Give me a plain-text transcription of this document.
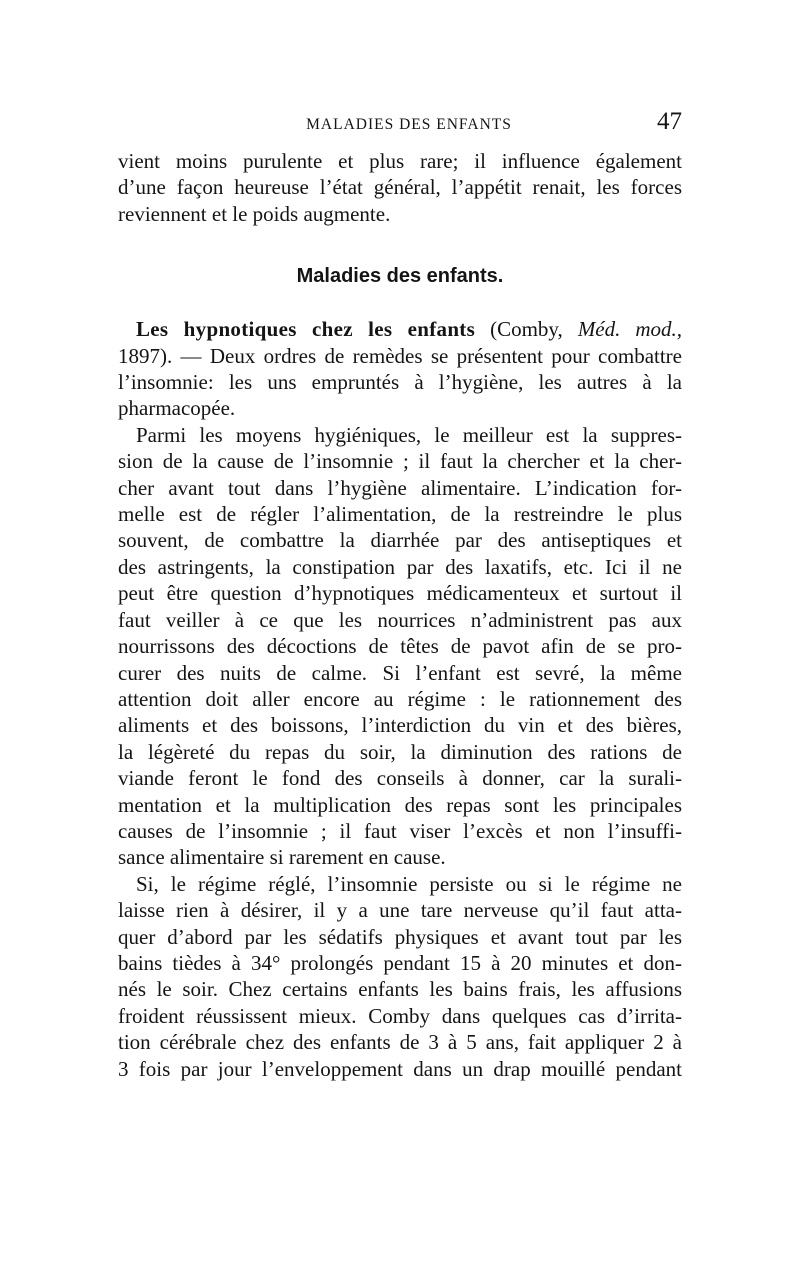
MALADIES DES ENFANTS	47
vient moins purulente et plus rare; il influence également
d’une façon heureuse l’état général, l’appétit renait, les forces
reviennent et le poids augmente.
Maladies des enfants.
Les hypnotiques chez les enfants (Comby, Méd. mod.,
1897). — Deux ordres de remèdes se présentent pour combattre
l’insomnie: les uns empruntés à l’hygiène, les autres à la
pharmacopée.
Parmi les moyens hygiéniques, le meilleur est la suppres-
sion de la cause de l’insomnie ; il faut la chercher et la cher-
cher avant tout dans l’hygiène alimentaire. L’indication for-
melle est de régler l’alimentation, de la restreindre le plus
souvent, de combattre la diarrhée par des antiseptiques et
des astringents, la constipation par des laxatifs, etc. Ici il ne
peut être question d’hypnotiques médicamenteux et surtout il
faut veiller à ce que les nourrices n’administrent pas aux
nourrissons des décoctions de têtes de pavot afin de se pro-
curer des nuits de calme. Si l’enfant est sevré, la même
attention doit aller encore au régime : le rationnement des
aliments et des boissons, l’interdiction du vin et des bières,
la légèreté du repas du soir, la diminution des rations de
viande feront le fond des conseils à donner, car la surali-
mentation et la multiplication des repas sont les principales
causes de l’insomnie ; il faut viser l’excès et non l’insuffi-
sance alimentaire si rarement en cause.
Si, le régime réglé, l’insomnie persiste ou si le régime ne
laisse rien à désirer, il y a une tare nerveuse qu’il faut atta-
quer d’abord par les sédatifs physiques et avant tout par les
bains tièdes à 34° prolongés pendant 15 à 20 minutes et don-
nés le soir. Chez certains enfants les bains frais, les affusions
froident réussissent mieux. Comby dans quelques cas d’irrita-
tion cérébrale chez des enfants de 3 à 5 ans, fait appliquer 2 à
3 fois par jour l’enveloppement dans un drap mouillé pendant
